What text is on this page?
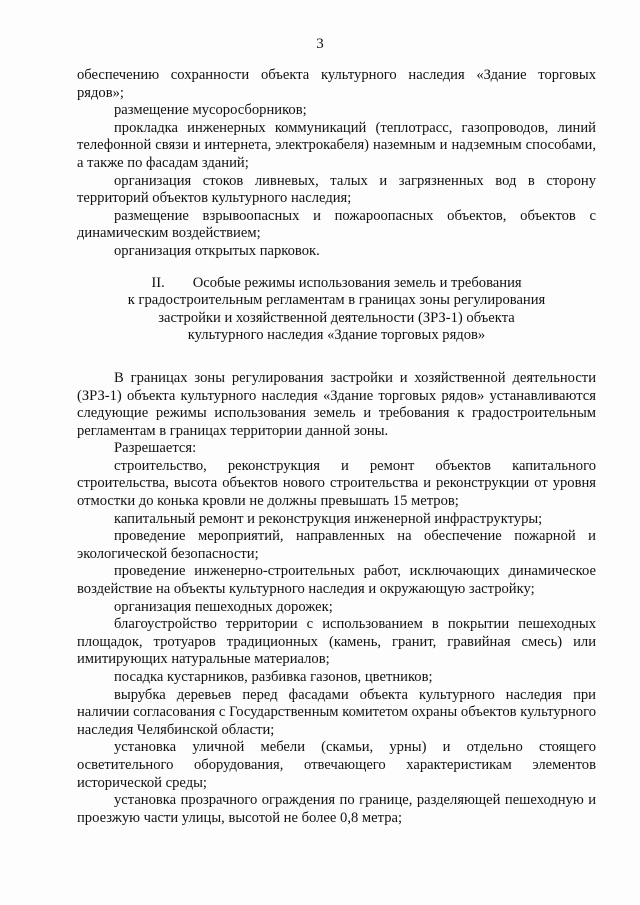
3

обеспечению сохранности объекта культурного наследия «Здание торговых рядов»;

размещение мусоросборников;

прокладка инженерных коммуникаций (теплотрасс, газопроводов, линий телефонной связи и интернета, электрокабеля) наземным и надземным способами, а также по фасадам зданий;

организация стоков ливневых, талых и загрязненных вод в сторону территорий объектов культурного наследия;

размещение взрывоопасных и пожароопасных объектов, объектов с динамическим воздействием;

организация открытых парковок.

II. Особые режимы использования земель и требования
к градостроительным регламентам в границах зоны регулирования
застройки и хозяйственной деятельности (ЗРЗ-1) объекта
культурного наследия «Здание торговых рядов»

В границах зоны регулирования застройки и хозяйственной деятельности (ЗРЗ-1) объекта культурного наследия «Здание торговых рядов» устанавливаются следующие режимы использования земель и требования к градостроительным регламентам в границах территории данной зоны.

Разрешается:

строительство, реконструкция и ремонт объектов капитального строительства, высота объектов нового строительства и реконструкции от уровня отмостки до конька кровли не должны превышать 15 метров;

капитальный ремонт и реконструкция инженерной инфраструктуры;

проведение мероприятий, направленных на обеспечение пожарной и экологической безопасности;

проведение инженерно-строительных работ, исключающих динамическое воздействие на объекты культурного наследия и окружающую застройку;

организация пешеходных дорожек;

благоустройство территории с использованием в покрытии пешеходных площадок, тротуаров традиционных (камень, гранит, гравийная смесь) или имитирующих натуральные материалов;

посадка кустарников, разбивка газонов, цветников;

вырубка деревьев перед фасадами объекта культурного наследия при наличии согласования с Государственным комитетом охраны объектов культурного наследия Челябинской области;

установка уличной мебели (скамьи, урны) и отдельно стоящего осветительного оборудования, отвечающего характеристикам элементов исторической среды;

установка прозрачного ограждения по границе, разделяющей пешеходную и проезжую части улицы, высотой не более 0,8 метра;
